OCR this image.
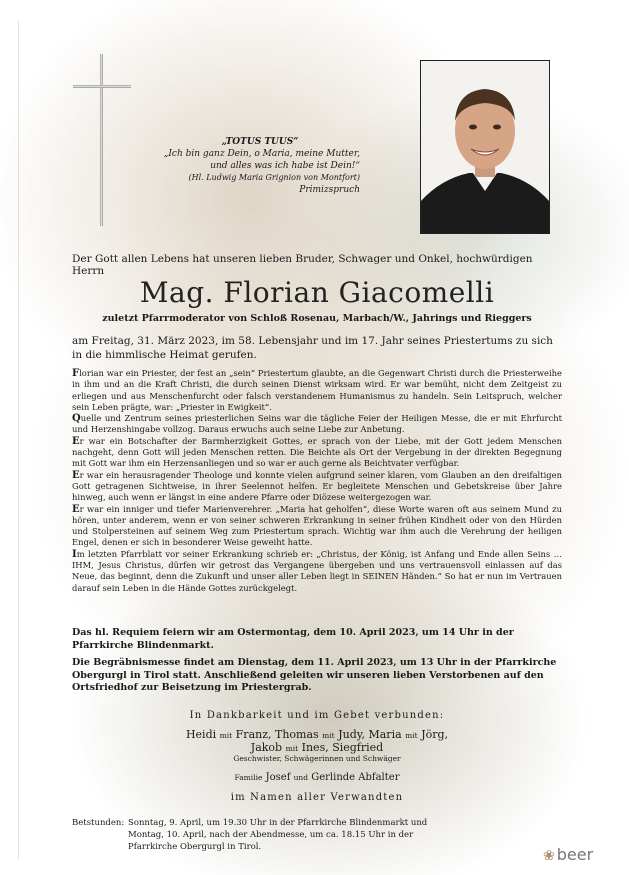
„TOTUS TUUS“
„Ich bin ganz Dein, o Maria, meine Mutter,
und alles was ich habe ist Dein!“
(Hl. Ludwig Maria Grignion von Montfort)
Primizspruch
Der Gott allen Lebens hat unseren lieben Bruder, Schwager und Onkel, hochwürdigen Herrn
Mag. Florian Giacomelli
zuletzt Pfarrmoderator von Schloß Rosenau, Marbach/W., Jahrings und Rieggers
am Freitag, 31. März 2023, im 58. Lebensjahr und im 17. Jahr seines Priestertums zu sich in die himmlische Heimat gerufen.

Florian war ein Priester, der fest an „sein“ Priestertum glaubte, an die Gegenwart Christi durch die Priesterweihe in ihm und an die Kraft Christi, die durch seinen Dienst wirksam wird. Er war bemüht, nicht dem Zeitgeist zu erliegen und aus Menschenfurcht oder falsch verstandenem Humanismus zu handeln. Sein Leitspruch, welcher sein Leben prägte, war: „Priester in Ewigkeit“.

Quelle und Zentrum seines priesterlichen Seins war die tägliche Feier der Heiligen Messe, die er mit Ehrfurcht und Herzenshingabe vollzog. Daraus erwuchs auch seine Liebe zur Anbetung.

Er war ein Botschafter der Barmherzigkeit Gottes, er sprach von der Liebe, mit der Gott jedem Menschen nachgeht, denn Gott will jeden Menschen retten. Die Beichte als Ort der Vergebung in der direkten Begegnung mit Gott war ihm ein Herzensanliegen und so war er auch gerne als Beichtvater verfügbar.

Er war ein herausragender Theologe und konnte vielen aufgrund seiner klaren, vom Glauben an den dreifaltigen Gott getragenen Sichtweise, in ihrer Seelennot helfen. Er begleitete Menschen und Gebetskreise über Jahre hinweg, auch wenn er längst in eine andere Pfarre oder Diözese weitergezogen war.

Er war ein inniger und tiefer Marienverehrer. „Maria hat geholfen“, diese Worte waren oft aus seinem Mund zu hören, unter anderem, wenn er von seiner schweren Erkrankung in seiner frühen Kindheit oder von den Hürden und Stolpersteinen auf seinem Weg zum Priestertum sprach. Wichtig war ihm auch die Verehrung der heiligen Engel, denen er sich in besonderer Weise geweiht hatte.

Im letzten Pfarrblatt vor seiner Erkrankung schrieb er: „Christus, der König, ist Anfang und Ende allen Seins … IHM, Jesus Christus, dürfen wir getrost das Vergangene übergeben und uns vertrauensvoll einlassen auf das Neue, das beginnt, denn die Zukunft und unser aller Leben liegt in SEINEN Händen.“ So hat er nun im Vertrauen darauf sein Leben in die Hände Gottes zurückgelegt.

Das hl. Requiem feiern wir am Ostermontag, dem 10. April 2023, um 14 Uhr in der Pfarrkirche Blindenmarkt.
Die Begräbnismesse findet am Dienstag, dem 11. April 2023, um 13 Uhr in der Pfarrkirche Obergurgl in Tirol statt. Anschließend geleiten wir unseren lieben Verstorbenen auf den Ortsfriedhof zur Beisetzung im Priestergrab.
In Dankbarkeit und im Gebet verbunden:
Heidi mit Franz, Thomas mit Judy, Maria mit Jörg,
Jakob mit Ines, Siegfried
Geschwister, Schwägerinnen und Schwäger
Familie Josef und Gerlinde Abfalter
im Namen aller Verwandten
Betstunden: Sonntag, 9. April, um 19.30 Uhr in der Pfarrkirche Blindenmarkt und Montag, 10. April, nach der Abendmesse, um ca. 18.15 Uhr in der Pfarrkirche Obergurgl in Tirol.
❀ beer
